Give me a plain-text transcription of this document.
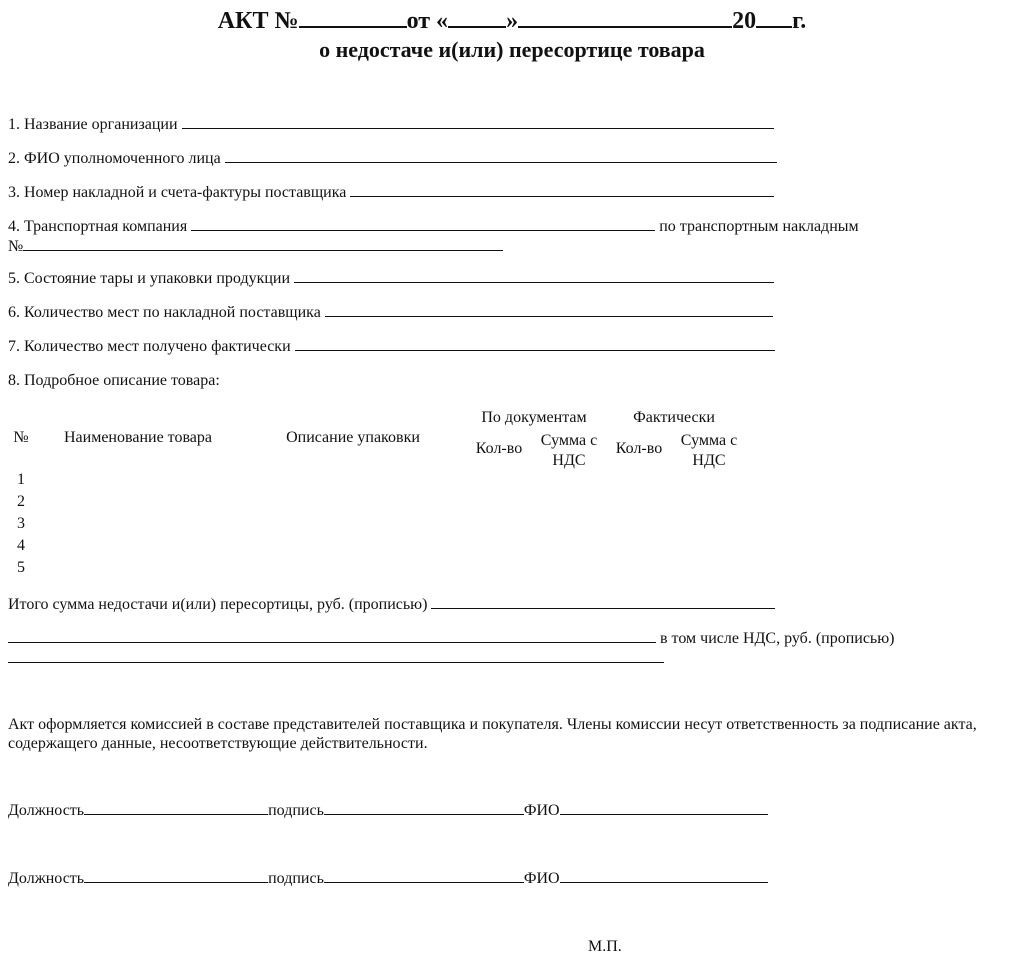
АКТ №	от « »	20 г.
о недостаче и(или) пересортице товара
1. Название организации
2. ФИО уполномоченного лица
3. Номер накладной и счета-фактуры поставщика
4. Транспортная компания	по транспортным накладным
№
5. Состояние тары и упаковки продукции
6. Количество мест по накладной поставщика
7. Количество мест получено фактически
8. Подробное описание товара:
№	Наименование товара	Описание упаковки
По документам	Фактически
Кол-во	Сумма с
НДС
Кол-во	Сумма с
НДС
1
2
3
4
5
Итого сумма недостачи и(или) пересортицы, руб. (прописью)
в том числе НДС, руб. (прописью)
Акт оформляется комиссией в составе представителей поставщика и покупателя. Члены комиссии несут ответственность за подписание акта, содержащего данные, несоответствующие действительности.
Должность	подпись	ФИО
Должность	подпись	ФИО
М.П.
